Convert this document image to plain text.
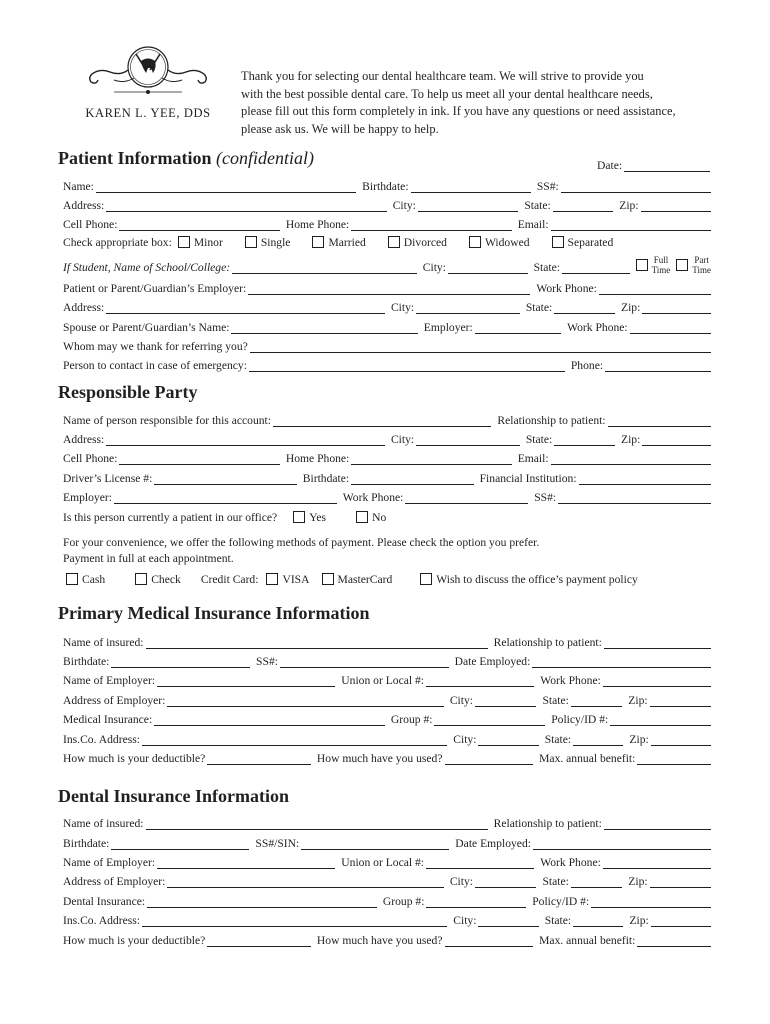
KAREN L. YEE, DDS
Thank you for selecting our dental healthcare team. We will strive to provide you
with the best possible dental care. To help us meet all your dental healthcare needs,
please fill out this form completely in ink. If you have any questions or need assistance,
please ask us. We will be happy to help.
Patient Information (confidential)	Date:
Name:	Birthdate:	SS#:
Address:	City:	State:	Zip:
Cell Phone:	Home Phone:	Email:
Check appropriate box: Minor	Single	Married	Divorced	Widowed	Separated
If Student, Name of School/College:	City:	State:
Full
Time
Part
Time
Patient or Parent/Guardian’s Employer:	Work Phone:
Address:	City:	State:	Zip:
Spouse or Parent/Guardian’s Name:	Employer:	Work Phone:
Whom may we thank for referring you?
Person to contact in case of emergency:	Phone:
Responsible Party
Name of person responsible for this account:	Relationship to patient:
Address:	City:	State:	Zip:
Cell Phone:	Home Phone:	Email:
Driver’s License #:	Birthdate:	Financial Institution:
Employer:	Work Phone:	SS#:
Is this person currently a patient in our office?	Yes	No
For your convenience, we offer the following methods of payment. Please check the option you prefer.
Payment in full at each appointment.
Cash	Check Credit Card: VISA MasterCard	Wish to discuss the office’s payment policy
Primary Medical Insurance Information
Name of insured:	Relationship to patient:
Birthdate:	SS#:	Date Employed:
Name of Employer:	Union or Local #:	Work Phone:
Address of Employer:	City:	State:	Zip:
Medical Insurance:	Group #:	Policy/ID #:
Ins.Co. Address:	City:	State:	Zip:
How much is your deductible?	How much have you used?	Max. annual benefit:
Dental Insurance Information
Name of insured:	Relationship to patient:
Birthdate:	SS#/SIN:	Date Employed:
Name of Employer:	Union or Local #:	Work Phone:
Address of Employer:	City:	State:	Zip:
Dental Insurance:	Group #:	Policy/ID #:
Ins.Co. Address:	City:	State:	Zip:
How much is your deductible?	How much have you used?	Max. annual benefit:
